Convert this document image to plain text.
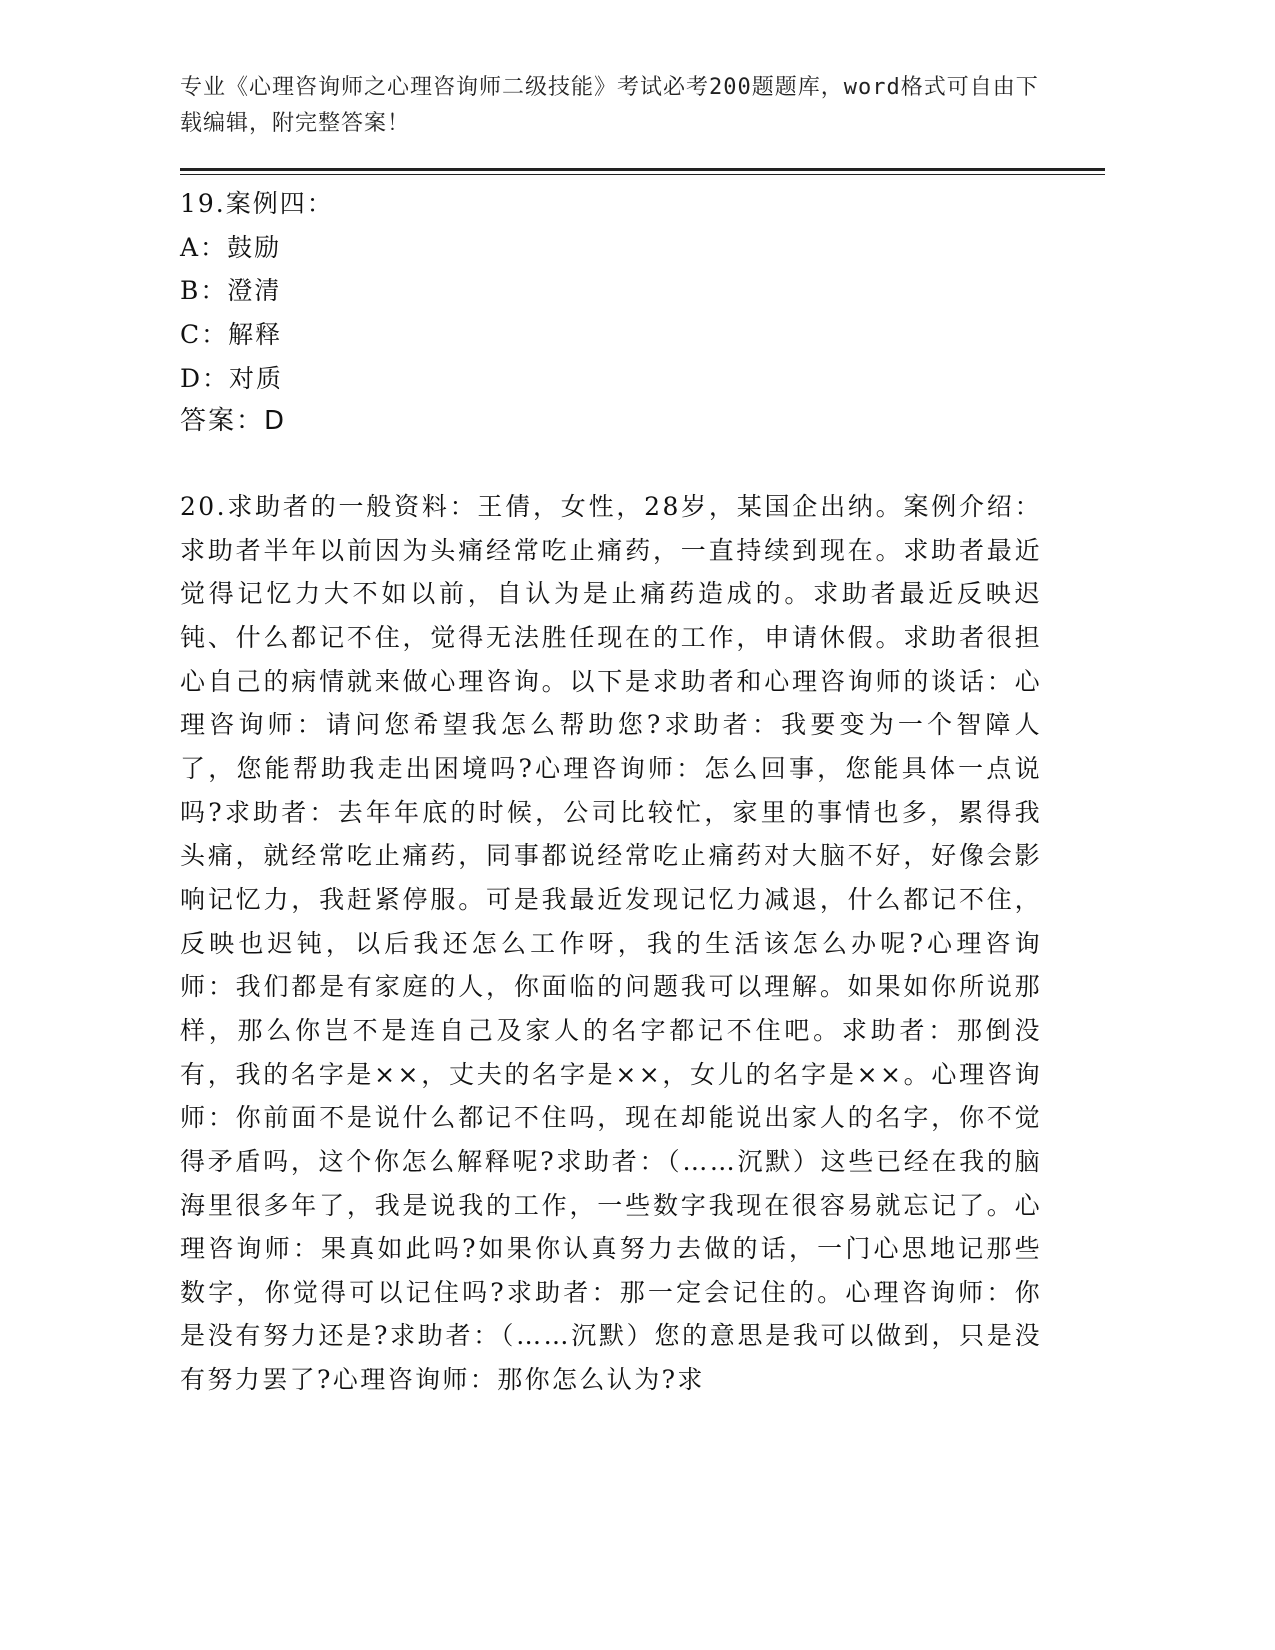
专业《心理咨询师之心理咨询师二级技能》考试必考200题题库，word格式可自由下载编辑，附完整答案！
19.案例四：
A：鼓励
B：澄清
C：解释
D：对质
答案：D
20.求助者的一般资料：王倩，女性，28岁，某国企出纳。案例介绍：求助者半年以前因为头痛经常吃止痛药，一直持续到现在。求助者最近觉得记忆力大不如以前，自认为是止痛药造成的。求助者最近反映迟钝、什么都记不住，觉得无法胜任现在的工作，申请休假。求助者很担心自己的病情就来做心理咨询。以下是求助者和心理咨询师的谈话：心理咨询师：请问您希望我怎么帮助您?求助者：我要变为一个智障人了，您能帮助我走出困境吗?心理咨询师：怎么回事，您能具体一点说吗?求助者：去年年底的时候，公司比较忙，家里的事情也多，累得我头痛，就经常吃止痛药，同事都说经常吃止痛药对大脑不好，好像会影响记忆力，我赶紧停服。可是我最近发现记忆力减退，什么都记不住，反映也迟钝，以后我还怎么工作呀，我的生活该怎么办呢?心理咨询师：我们都是有家庭的人，你面临的问题我可以理解。如果如你所说那样，那么你岂不是连自己及家人的名字都记不住吧。求助者：那倒没有，我的名字是××，丈夫的名字是××，女儿的名字是××。心理咨询师：你前面不是说什么都记不住吗，现在却能说出家人的名字，你不觉得矛盾吗，这个你怎么解释呢?求助者：（……沉默）这些已经在我的脑海里很多年了，我是说我的工作，一些数字我现在很容易就忘记了。心理咨询师：果真如此吗?如果你认真努力去做的话，一门心思地记那些数字，你觉得可以记住吗?求助者：那一定会记住的。心理咨询师：你是没有努力还是?求助者：（……沉默）您的意思是我可以做到，只是没有努力罢了?心理咨询师：那你怎么认为?求
